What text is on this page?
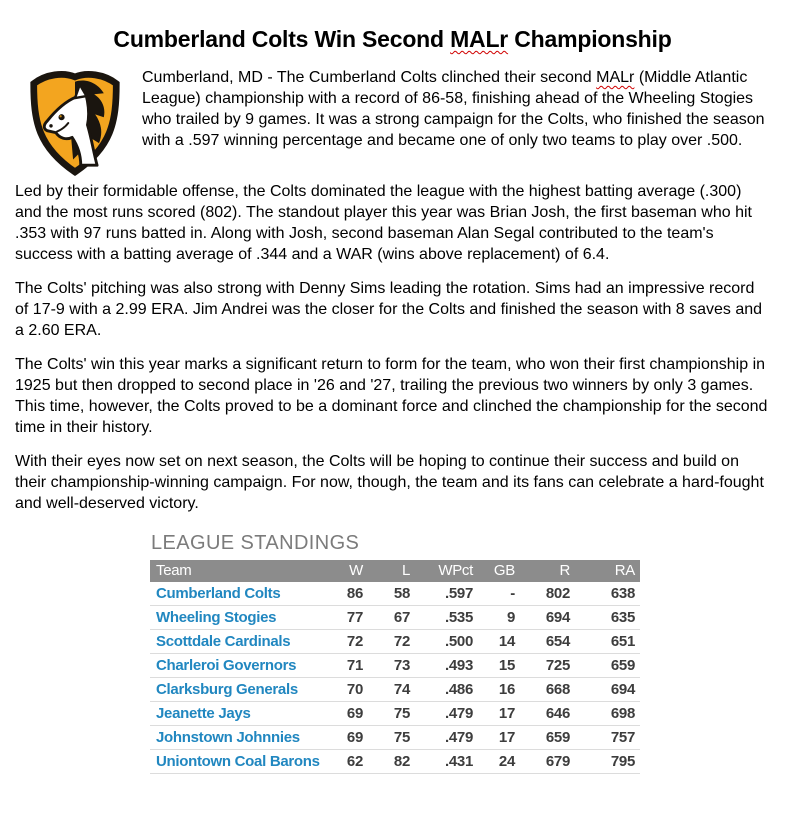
Cumberland Colts Win Second MALr Championship

Cumberland, MD - The Cumberland Colts clinched their second MALr (Middle Atlantic League) championship with a record of 86-58, finishing ahead of the Wheeling Stogies who trailed by 9 games. It was a strong campaign for the Colts, who finished the season with a .597 winning percentage and became one of only two teams to play over .500.

Led by their formidable offense, the Colts dominated the league with the highest batting average (.300) and the most runs scored (802). The standout player this year was Brian Josh, the first baseman who hit .353 with 97 runs batted in. Along with Josh, second baseman Alan Segal contributed to the team's success with a batting average of .344 and a WAR (wins above replacement) of 6.4.

The Colts' pitching was also strong with Denny Sims leading the rotation. Sims had an impressive record of 17-9 with a 2.99 ERA. Jim Andrei was the closer for the Colts and finished the season with 8 saves and a 2.60 ERA.

The Colts' win this year marks a significant return to form for the team, who won their first championship in 1925 but then dropped to second place in '26 and '27, trailing the previous two winners by only 3 games. This time, however, the Colts proved to be a dominant force and clinched the championship for the second time in their history.

With their eyes now set on next season, the Colts will be hoping to continue their success and build on their championship-winning campaign. For now, though, the team and its fans can celebrate a hard-fought and well-deserved victory.

LEAGUE STANDINGS
Team	W	L	WPct	GB	R	RA
Cumberland Colts	86	58	.597	-	802	638
Wheeling Stogies	77	67	.535	9	694	635
Scottdale Cardinals	72	72	.500	14	654	651
Charleroi Governors	71	73	.493	15	725	659
Clarksburg Generals	70	74	.486	16	668	694
Jeanette Jays	69	75	.479	17	646	698
Johnstown Johnnies	69	75	.479	17	659	757
Uniontown Coal Barons	62	82	.431	24	679	795
